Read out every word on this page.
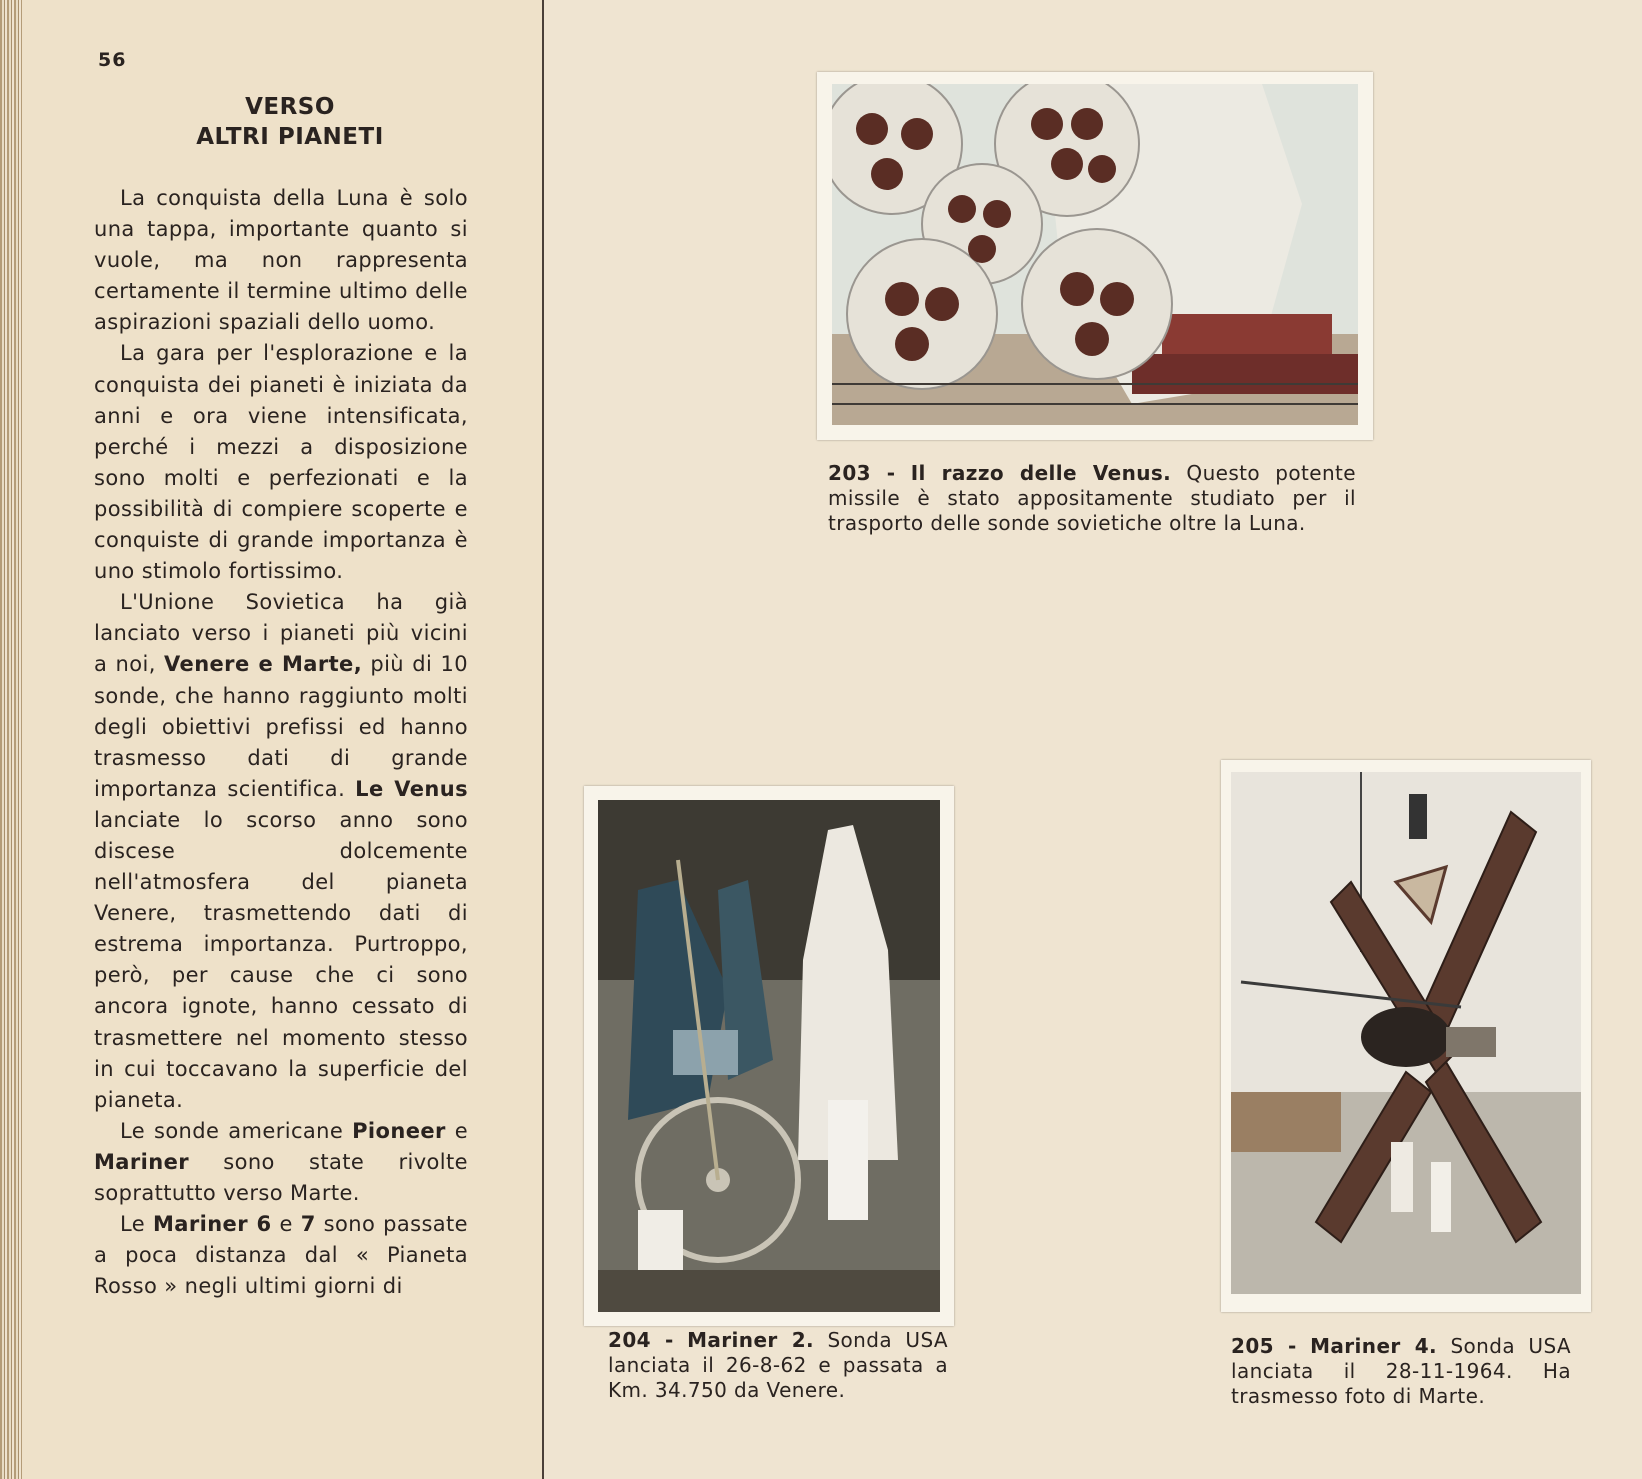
56
VERSO
ALTRI PIANETI

La conquista della Luna è solo una tappa, importante quanto si vuole, ma non rappresenta certamente il termine ultimo delle aspirazioni spaziali dello uomo.

La gara per l'esplorazione e la conquista dei pianeti è iniziata da anni e ora viene intensificata, perché i mezzi a disposizione sono molti e perfezionati e la possibilità di compiere scoperte e conquiste di grande importanza è uno stimolo fortissimo.

L'Unione Sovietica ha già lanciato verso i pianeti più vicini a noi, Venere e Marte, più di 10 sonde, che hanno raggiunto molti degli obiettivi prefissi ed hanno trasmesso dati di grande importanza scientifica. Le Venus lanciate lo scorso anno sono discese dolcemente nell'atmosfera del pianeta Venere, trasmettendo dati di estrema importanza. Purtroppo, però, per cause che ci sono ancora ignote, hanno cessato di trasmettere nel momento stesso in cui toccavano la superficie del pianeta.

Le sonde americane Pioneer e Mariner sono state rivolte soprattutto verso Marte.

Le Mariner 6 e 7 sono passate a poca distanza dal « Pianeta Rosso » negli ultimi giorni di

203 - Il razzo delle Venus. Questo potente missile è stato appositamente studiato per il trasporto delle sonde sovietiche oltre la Luna.
204 - Mariner 2. Sonda USA lanciata il 26-8-62 e passata a Km. 34.750 da Venere.
205 - Mariner 4. Sonda USA lanciata il 28-11-1964. Ha trasmesso foto di Marte.
